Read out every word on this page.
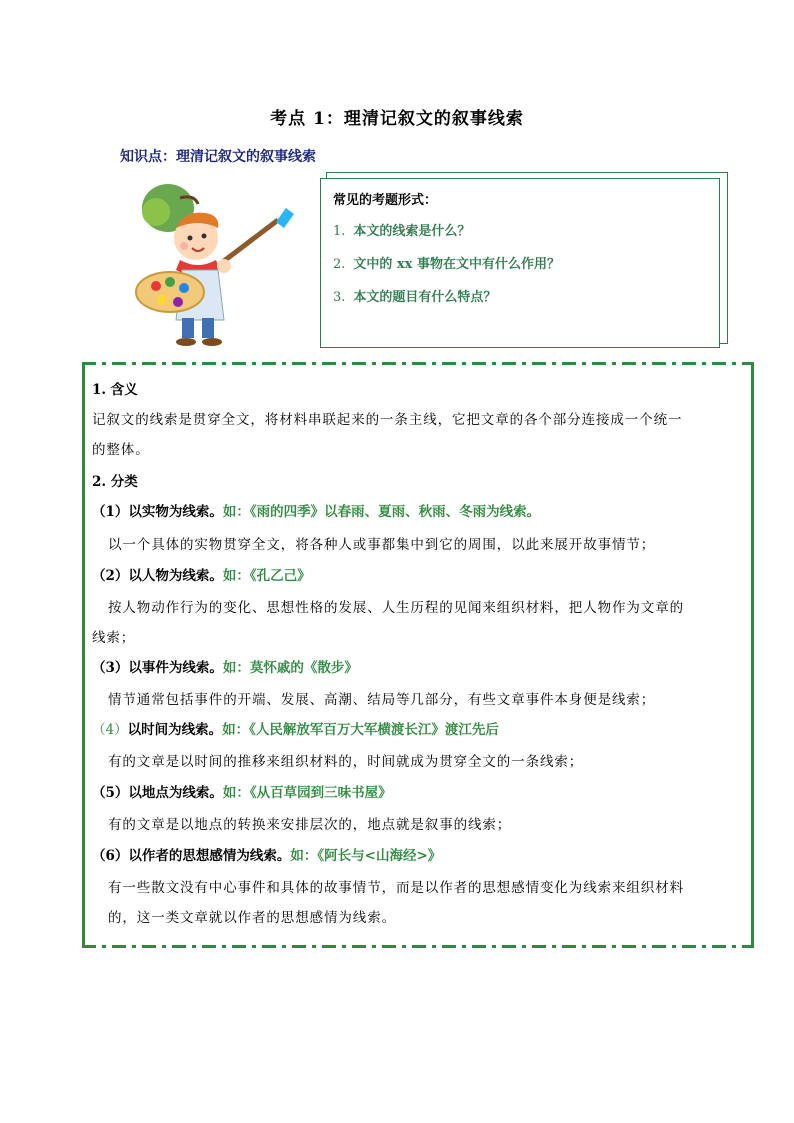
考点 1：理清记叙文的叙事线索
知识点：理清记叙文的叙事线索
常见的考题形式：
1. 本文的线索是什么？
2. 文中的 xx 事物在文中有什么作用？
3. 本文的题目有什么特点？
1. 含义
记叙文的线索是贯穿全文，将材料串联起来的一条主线，它把文章的各个部分连接成一个统一
的整体。
2. 分类
（1）以实物为线索。如：《雨的四季》以春雨、夏雨、秋雨、冬雨为线索。
以一个具体的实物贯穿全文，将各种人或事都集中到它的周围，以此来展开故事情节；
（2）以人物为线索。如：《孔乙己》
按人物动作行为的变化、思想性格的发展、人生历程的见闻来组织材料，把人物作为文章的
线索；
（3）以事件为线索。如：莫怀戚的《散步》
情节通常包括事件的开端、发展、高潮、结局等几部分，有些文章事件本身便是线索；
（4）以时间为线索。如：《人民解放军百万大军横渡长江》渡江先后
有的文章是以时间的推移来组织材料的，时间就成为贯穿全文的一条线索；
（5）以地点为线索。如：《从百草园到三味书屋》
有的文章是以地点的转换来安排层次的，地点就是叙事的线索；
（6）以作者的思想感情为线索。如：《阿长与<山海经>》
有一些散文没有中心事件和具体的故事情节，而是以作者的思想感情变化为线索来组织材料
的，这一类文章就以作者的思想感情为线索。
